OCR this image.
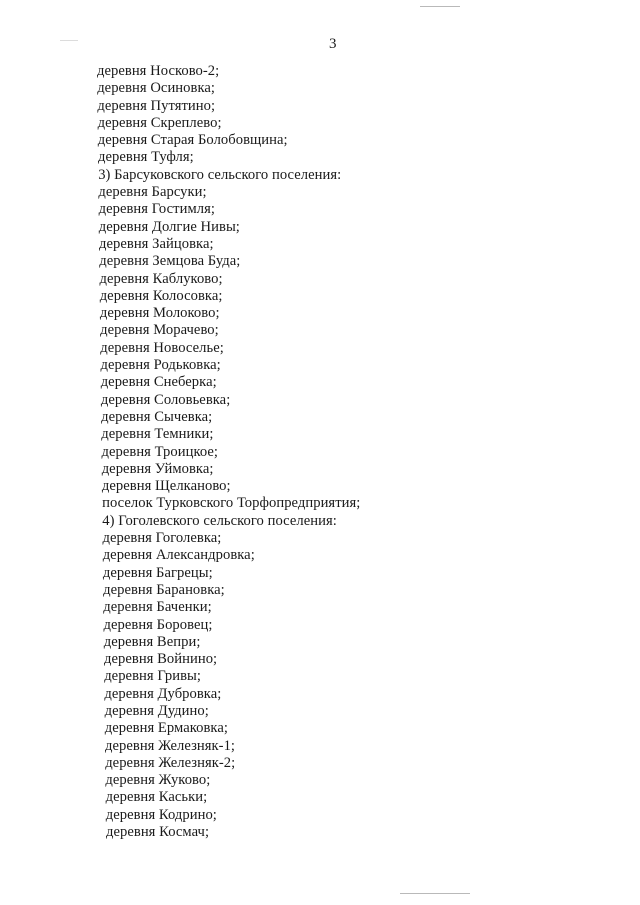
3
деревня Носково-2;
деревня Осиновка;
деревня Путятино;
деревня Скреплево;
деревня Старая Болобовщина;
деревня Туфля;
3) Барсуковского сельского поселения:
деревня Барсуки;
деревня Гостимля;
деревня Долгие Нивы;
деревня Зайцовка;
деревня Земцова Буда;
деревня Каблуково;
деревня Колосовка;
деревня Молоково;
деревня Морачево;
деревня Новоселье;
деревня Родьковка;
деревня Снеберка;
деревня Соловьевка;
деревня Сычевка;
деревня Темники;
деревня Троицкое;
деревня Уймовка;
деревня Щелканово;
поселок Турковского Торфопредприятия;
4) Гоголевского сельского поселения:
деревня Гоголевка;
деревня Александровка;
деревня Багрецы;
деревня Барановка;
деревня Баченки;
деревня Боровец;
деревня Вепри;
деревня Войнино;
деревня Гривы;
деревня Дубровка;
деревня Дудино;
деревня Ермаковка;
деревня Железняк-1;
деревня Железняк-2;
деревня Жуково;
деревня Каськи;
деревня Кодрино;
деревня Космач;
